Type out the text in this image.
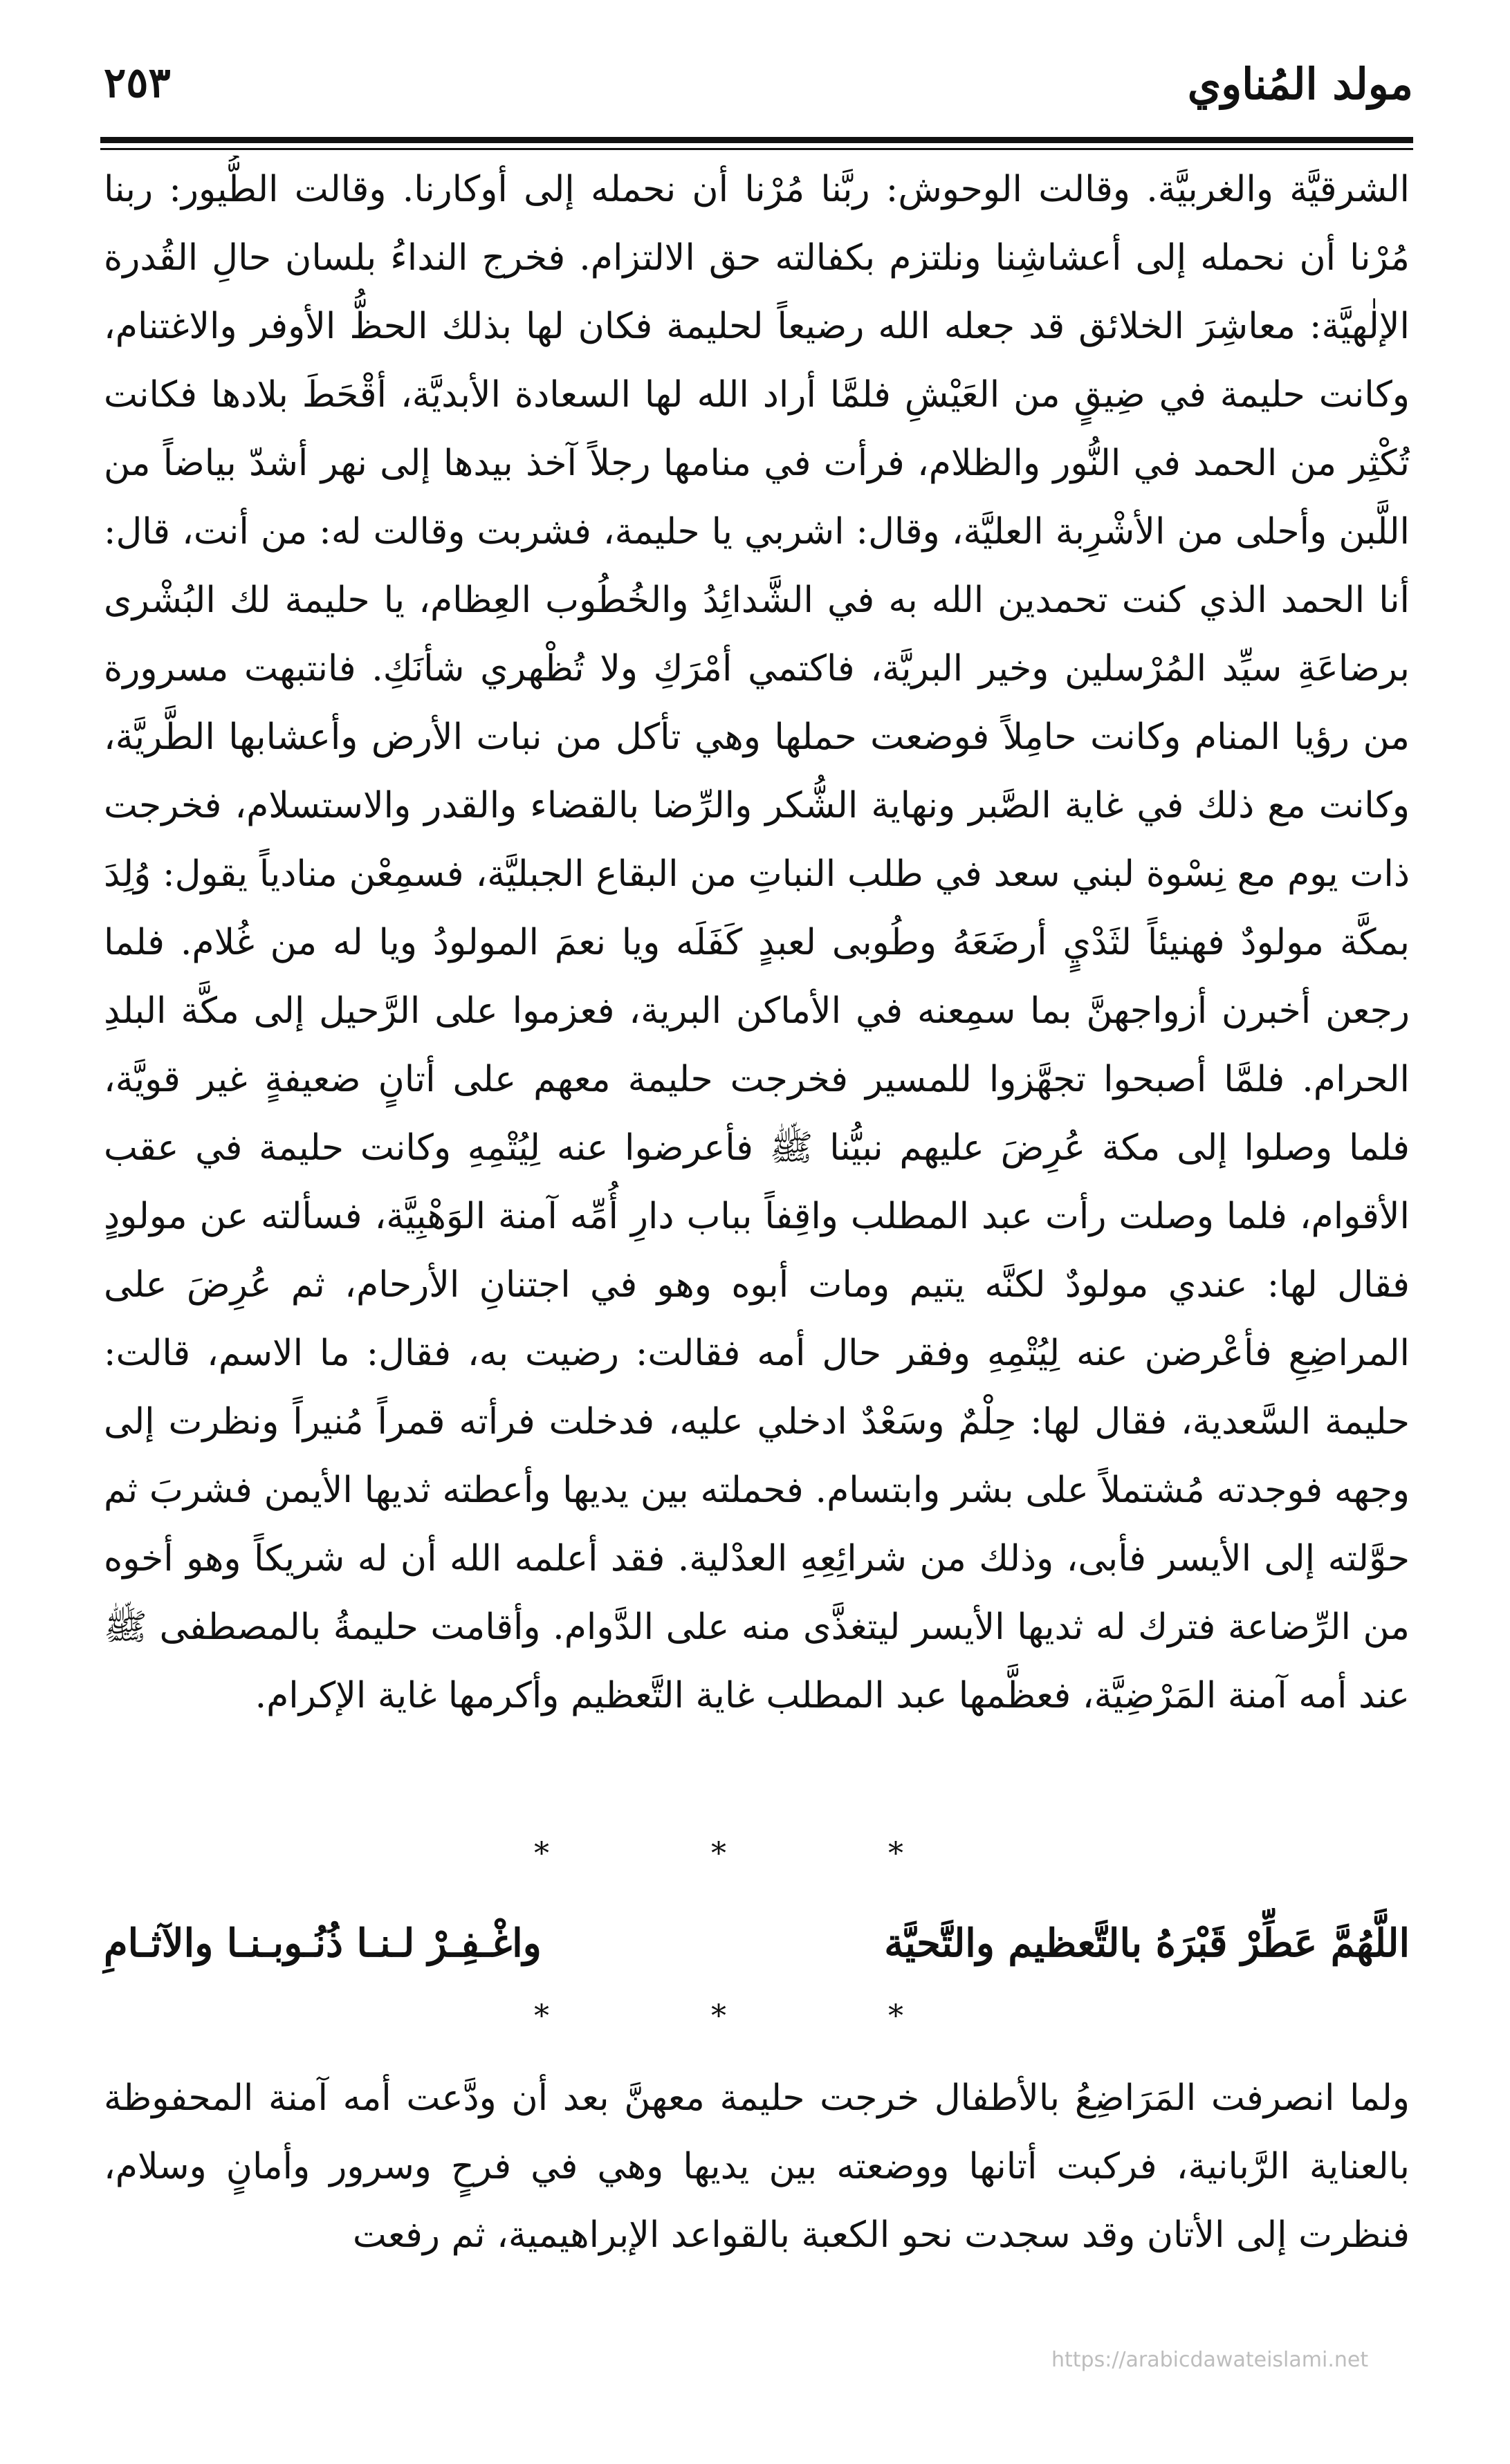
مولد المُناوي
٢٥٣

الشرقيَّة والغربيَّة. وقالت الوحوش: ربَّنا مُرْنا أن نحمله إلى أوكارنا. وقالت الطُّيور: ربنا مُرْنا أن نحمله إلى أعشاشِنا ونلتزم بكفالته حق الالتزام. فخرج النداءُ بلسان حالِ القُدرة الإلٰهيَّة: معاشِرَ الخلائق قد جعله الله رضيعاً لحليمة فكان لها بذلك الحظُّ الأوفر والاغتنام، وكانت حليمة في ضِيقٍ من العَيْشِ فلمَّا أراد الله لها السعادة الأبديَّة، أقْحَطَ بلادها فكانت تُكْثِر من الحمد في النُّور والظلام، فرأت في منامها رجلاً آخذ بيدها إلى نهر أشدّ بياضاً من اللَّبن وأحلى من الأشْرِبة العليَّة، وقال: اشربي يا حليمة، فشربت وقالت له: من أنت، قال: أنا الحمد الذي كنت تحمدين الله به في الشَّدائِدُ والخُطُوب العِظام، يا حليمة لك البُشْرى برضاعَةِ سيِّد المُرْسلين وخير البريَّة، فاكتمي أمْرَكِ ولا تُظْهري شأنَكِ. فانتبهت مسرورة من رؤيا المنام وكانت حامِلاً فوضعت حملها وهي تأكل من نبات الأرض وأعشابها الطَّريَّة، وكانت مع ذلك في غاية الصَّبر ونهاية الشُّكر والرِّضا بالقضاء والقدر والاستسلام، فخرجت ذات يوم مع نِسْوة لبني سعد في طلب النباتِ من البقاع الجبليَّة، فسمِعْن منادياً يقول: وُلِدَ بمكَّة مولودٌ فهنيئاً لثَدْيٍ أرضَعَهُ وطُوبى لعبدٍ كَفَلَه ويا نعمَ المولودُ ويا له من غُلام. فلما رجعن أخبرن أزواجهنَّ بما سمِعنه في الأماكن البرية، فعزموا على الرَّحيل إلى مكَّة البلدِ الحرام. فلمَّا أصبحوا تجهَّزوا للمسير فخرجت حليمة معهم على أتانٍ ضعيفةٍ غير قويَّة، فلما وصلوا إلى مكة عُرِضَ عليهم نبيُّنا ﷺ فأعرضوا عنه لِيُتْمِهِ وكانت حليمة في عقب الأقوام، فلما وصلت رأت عبد المطلب واقِفاً بباب دارِ أُمِّه آمنة الوَهْبِيَّة، فسألته عن مولودٍ فقال لها: عندي مولودٌ لكنَّه يتيم ومات أبوه وهو في اجتنانِ الأرحام، ثم عُرِضَ على المراضِعِ فأعْرضن عنه لِيُتْمِهِ وفقر حال أمه فقالت: رضيت به، فقال: ما الاسم، قالت: حليمة السَّعدية، فقال لها: حِلْمٌ وسَعْدٌ ادخلي عليه، فدخلت فرأته قمراً مُنيراً ونظرت إلى وجهه فوجدته مُشتملاً على بشر وابتسام. فحملته بين يديها وأعطته ثديها الأيمن فشربَ ثم حوَّلته إلى الأيسر فأبى، وذلك من شرائِعِهِ العدْلية. فقد أعلمه الله أن له شريكاً وهو أخوه من الرِّضاعة فترك له ثديها الأيسر ليتغذَّى منه على الدَّوام. وأقامت حليمةُ بالمصطفى ﷺ عند أمه آمنة المَرْضِيَّة، فعظَّمها عبد المطلب غاية التَّعظيم وأكرمها غاية الإكرام.

* * *
اللَّهُمَّ عَطِّرْ قَبْرَهُ بالتَّعظيم والتَّحيَّة
واغْـفِـرْ لـنـا ذُنُـوبـنـا والآثـامِ
* * *

ولما انصرفت المَرَاضِعُ بالأطفال خرجت حليمة معهنَّ بعد أن ودَّعت أمه آمنة المحفوظة بالعناية الرَّبانية، فركبت أتانها ووضعته بين يديها وهي في فرحٍ وسرور وأمانٍ وسلام، فنظرت إلى الأتان وقد سجدت نحو الكعبة بالقواعد الإبراهيمية، ثم رفعت

https://arabicdawateislami.net
